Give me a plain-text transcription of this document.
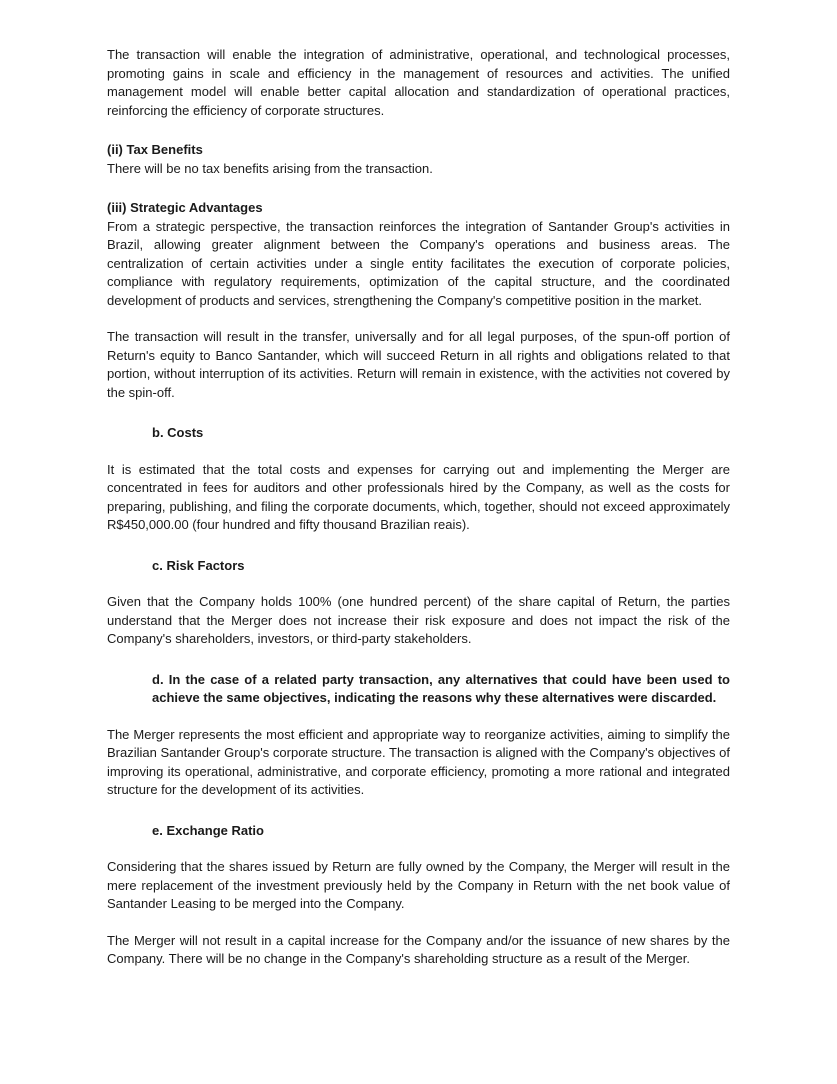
The transaction will enable the integration of administrative, operational, and technological processes, promoting gains in scale and efficiency in the management of resources and activities. The unified management model will enable better capital allocation and standardization of operational practices, reinforcing the efficiency of corporate structures.
(ii) Tax Benefits
There will be no tax benefits arising from the transaction.
(iii) Strategic Advantages
From a strategic perspective, the transaction reinforces the integration of Santander Group's activities in Brazil, allowing greater alignment between the Company's operations and business areas. The centralization of certain activities under a single entity facilitates the execution of corporate policies, compliance with regulatory requirements, optimization of the capital structure, and the coordinated development of products and services, strengthening the Company's competitive position in the market.
The transaction will result in the transfer, universally and for all legal purposes, of the spun-off portion of Return's equity to Banco Santander, which will succeed Return in all rights and obligations related to that portion, without interruption of its activities. Return will remain in existence, with the activities not covered by the spin-off.
b. Costs
It is estimated that the total costs and expenses for carrying out and implementing the Merger are concentrated in fees for auditors and other professionals hired by the Company, as well as the costs for preparing, publishing, and filing the corporate documents, which, together, should not exceed approximately R$450,000.00 (four hundred and fifty thousand Brazilian reais).
c. Risk Factors
Given that the Company holds 100% (one hundred percent) of the share capital of Return, the parties understand that the Merger does not increase their risk exposure and does not impact the risk of the Company's shareholders, investors, or third-party stakeholders.
d. In the case of a related party transaction, any alternatives that could have been used to achieve the same objectives, indicating the reasons why these alternatives were discarded.
The Merger represents the most efficient and appropriate way to reorganize activities, aiming to simplify the Brazilian Santander Group's corporate structure. The transaction is aligned with the Company's objectives of improving its operational, administrative, and corporate efficiency, promoting a more rational and integrated structure for the development of its activities.
e. Exchange Ratio
Considering that the shares issued by Return are fully owned by the Company, the Merger will result in the mere replacement of the investment previously held by the Company in Return with the net book value of Santander Leasing to be merged into the Company.
The Merger will not result in a capital increase for the Company and/or the issuance of new shares by the Company. There will be no change in the Company's shareholding structure as a result of the Merger.
